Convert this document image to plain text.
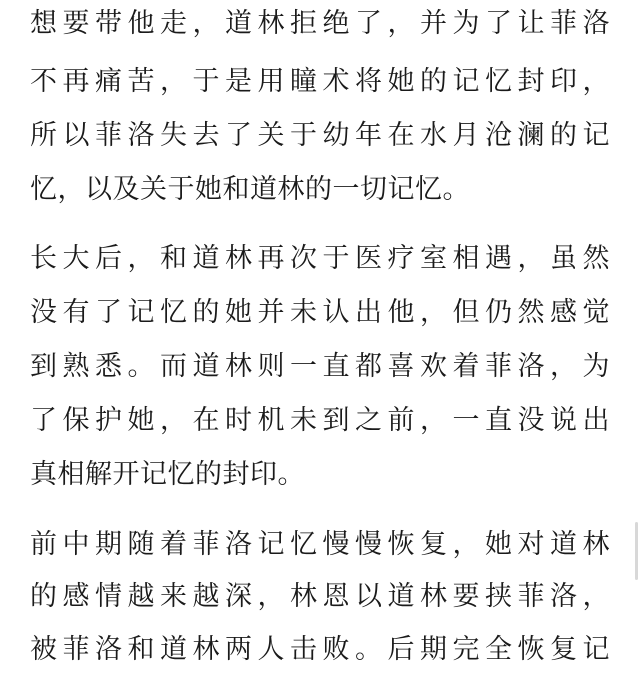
想要带他走，道林拒绝了，并为了让菲洛
不再痛苦，于是用瞳术将她的记忆封印，
所以菲洛失去了关于幼年在水月沧澜的记
忆，以及关于她和道林的一切记忆。
长大后，和道林再次于医疗室相遇，虽然
没有了记忆的她并未认出他，但仍然感觉
到熟悉。而道林则一直都喜欢着菲洛，为
了保护她，在时机未到之前，一直没说出
真相解开记忆的封印。
前中期随着菲洛记忆慢慢恢复，她对道林
的感情越来越深，林恩以道林要挟菲洛，
被菲洛和道林两人击败。后期完全恢复记
